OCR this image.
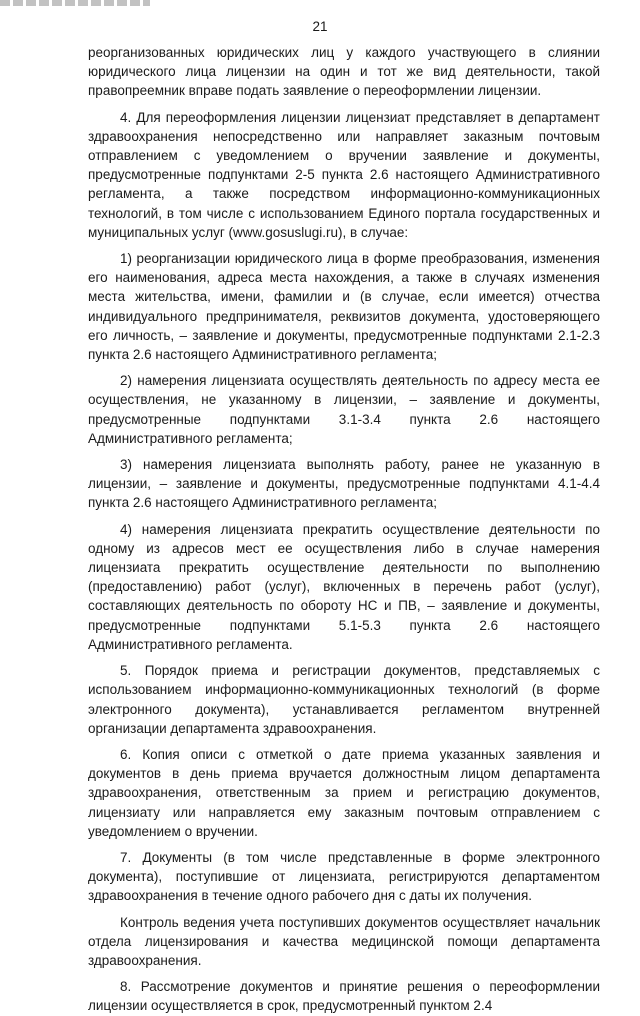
21

реорганизованных юридических лиц у каждого участвующего в слиянии юридического лица лицензии на один и тот же вид деятельности, такой правопреемник вправе подать заявление о переоформлении лицензии.

4. Для переоформления лицензии лицензиат представляет в департамент здравоохранения непосредственно или направляет заказным почтовым отправлением с уведомлением о вручении заявление и документы, предусмотренные подпунктами 2-5 пункта 2.6 настоящего Административного регламента, а также посредством информационно-коммуникационных технологий, в том числе с использованием Единого портала государственных и муниципальных услуг (www.gosuslugi.ru), в случае:

1) реорганизации юридического лица в форме преобразования, изменения его наименования, адреса места нахождения, а также в случаях изменения места жительства, имени, фамилии и (в случае, если имеется) отчества индивидуального предпринимателя, реквизитов документа, удостоверяющего его личность, – заявление и документы, предусмотренные подпунктами 2.1-2.3 пункта 2.6 настоящего Административного регламента;

2) намерения лицензиата осуществлять деятельность по адресу места ее осуществления, не указанному в лицензии, – заявление и документы, предусмотренные подпунктами 3.1-3.4 пункта 2.6 настоящего Административного регламента;

3) намерения лицензиата выполнять работу, ранее не указанную в лицензии, – заявление и документы, предусмотренные подпунктами 4.1-4.4 пункта 2.6 настоящего Административного регламента;

4) намерения лицензиата прекратить осуществление деятельности по одному из адресов мест ее осуществления либо в случае намерения лицензиата прекратить осуществление деятельности по выполнению (предоставлению) работ (услуг), включенных в перечень работ (услуг), составляющих деятельность по обороту НС и ПВ, – заявление и документы, предусмотренные подпунктами 5.1-5.3 пункта 2.6 настоящего Административного регламента.

5. Порядок приема и регистрации документов, представляемых с использованием информационно-коммуникационных технологий (в форме электронного документа), устанавливается регламентом внутренней организации департамента здравоохранения.

6. Копия описи с отметкой о дате приема указанных заявления и документов в день приема вручается должностным лицом департамента здравоохранения, ответственным за прием и регистрацию документов, лицензиату или направляется ему заказным почтовым отправлением с уведомлением о вручении.

7. Документы (в том числе представленные в форме электронного документа), поступившие от лицензиата, регистрируются департаментом здравоохранения в течение одного рабочего дня с даты их получения.

Контроль ведения учета поступивших документов осуществляет начальник отдела лицензирования и качества медицинской помощи департамента здравоохранения.

8. Рассмотрение документов и принятие решения о переоформлении лицензии осуществляется в срок, предусмотренный пунктом 2.4
